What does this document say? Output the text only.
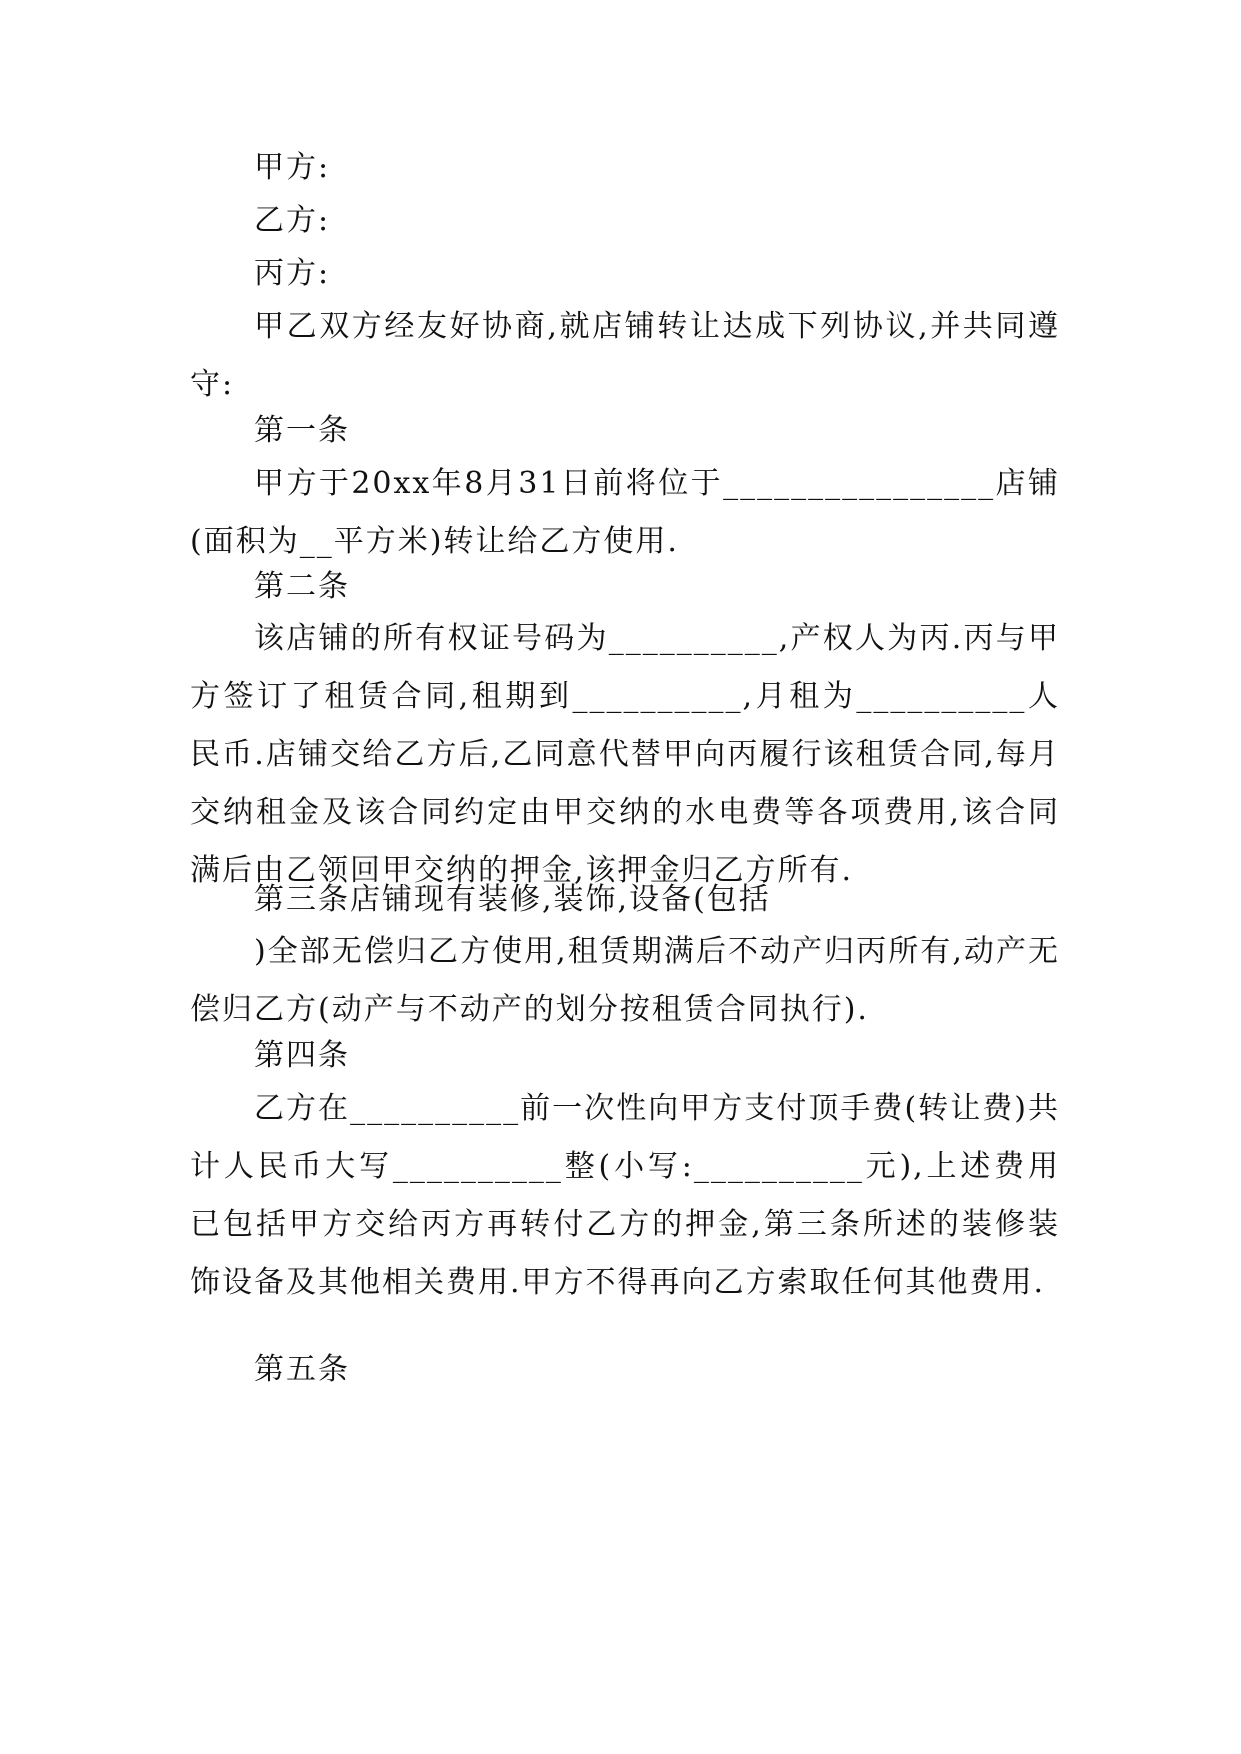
甲方:
乙方:
丙方:
甲乙双方经友好协商,就店铺转让达成下列协议,并共同遵守:
第一条
甲方于20xx年8月31日前将位于________________店铺(面积为__平方米)转让给乙方使用.
第二条
该店铺的所有权证号码为__________,产权人为丙.丙与甲方签订了租赁合同,租期到__________,月租为__________人民币.店铺交给乙方后,乙同意代替甲向丙履行该租赁合同,每月交纳租金及该合同约定由甲交纳的水电费等各项费用,该合同满后由乙领回甲交纳的押金,该押金归乙方所有.
第三条店铺现有装修,装饰,设备(包括
)全部无偿归乙方使用,租赁期满后不动产归丙所有,动产无偿归乙方(动产与不动产的划分按租赁合同执行).
第四条
乙方在__________前一次性向甲方支付顶手费(转让费)共计人民币大写__________整(小写:__________元),上述费用已包括甲方交给丙方再转付乙方的押金,第三条所述的装修装饰设备及其他相关费用.甲方不得再向乙方索取任何其他费用.
第五条
